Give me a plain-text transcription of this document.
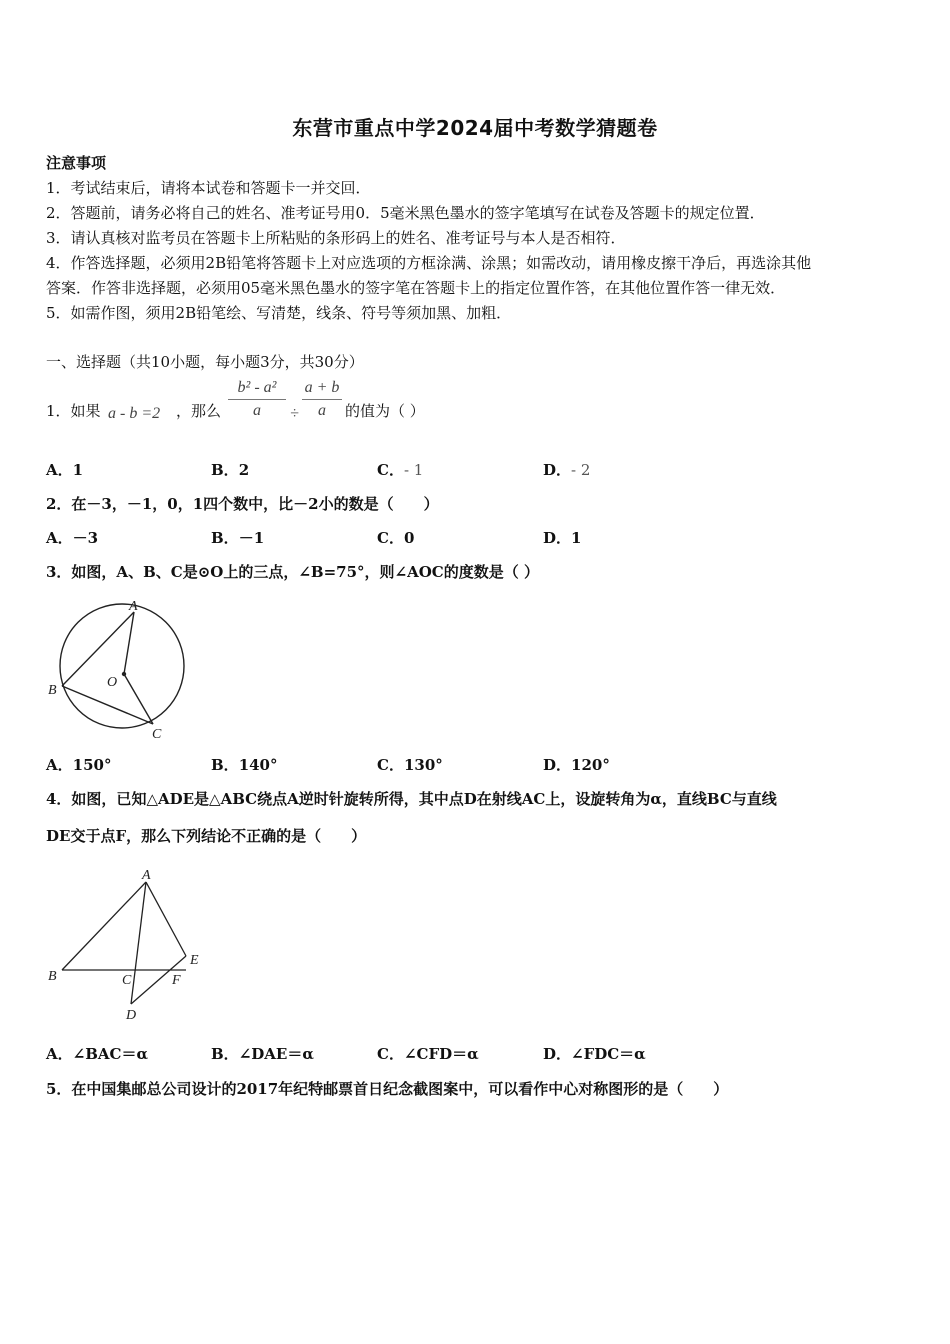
东营市重点中学2024届中考数学猜题卷
注意事项
1．考试结束后，请将本试卷和答题卡一并交回．
2．答题前，请务必将自己的姓名、准考证号用0．5毫米黑色墨水的签字笔填写在试卷及答题卡的规定位置．
3．请认真核对监考员在答题卡上所粘贴的条形码上的姓名、准考证号与本人是否相符．
4．作答选择题，必须用2B铅笔将答题卡上对应选项的方框涂满、涂黑；如需改动，请用橡皮擦干净后，再选涂其他
答案．作答非选择题，必须用05毫米黑色墨水的签字笔在答题卡上的指定位置作答，在其他位置作答一律无效．
5．如需作图，须用2B铅笔绘、写清楚，线条、符号等须加黑、加粗．
一、选择题（共10小题，每小题3分，共30分）
1．如果 a - b =2 ，那么
b² - a²
a	÷
a + b
a	的值为（ ）
A．1	B．2	C．- 1	D．- 2
2．在－3，－1，0，1四个数中，比－2小的数是（　　）
A．－3	B．－1	C．0	D．1
3．如图，A、B、C是⊙O上的三点，∠B=75°，则∠AOC的度数是（ ）
A
B
C
O
A．150°	B．140°	C．130°	D．120°
4．如图，已知△ADE是△ABC绕点A逆时针旋转所得，其中点D在射线AC上，设旋转角为α，直线BC与直线
DE交于点F，那么下列结论不正确的是（　　）
A
B	C
D
E
F
A．∠BAC＝α	B．∠DAE＝α	C．∠CFD＝α	D．∠FDC＝α
5．在中国集邮总公司设计的2017年纪特邮票首日纪念截图案中，可以看作中心对称图形的是（　　）
